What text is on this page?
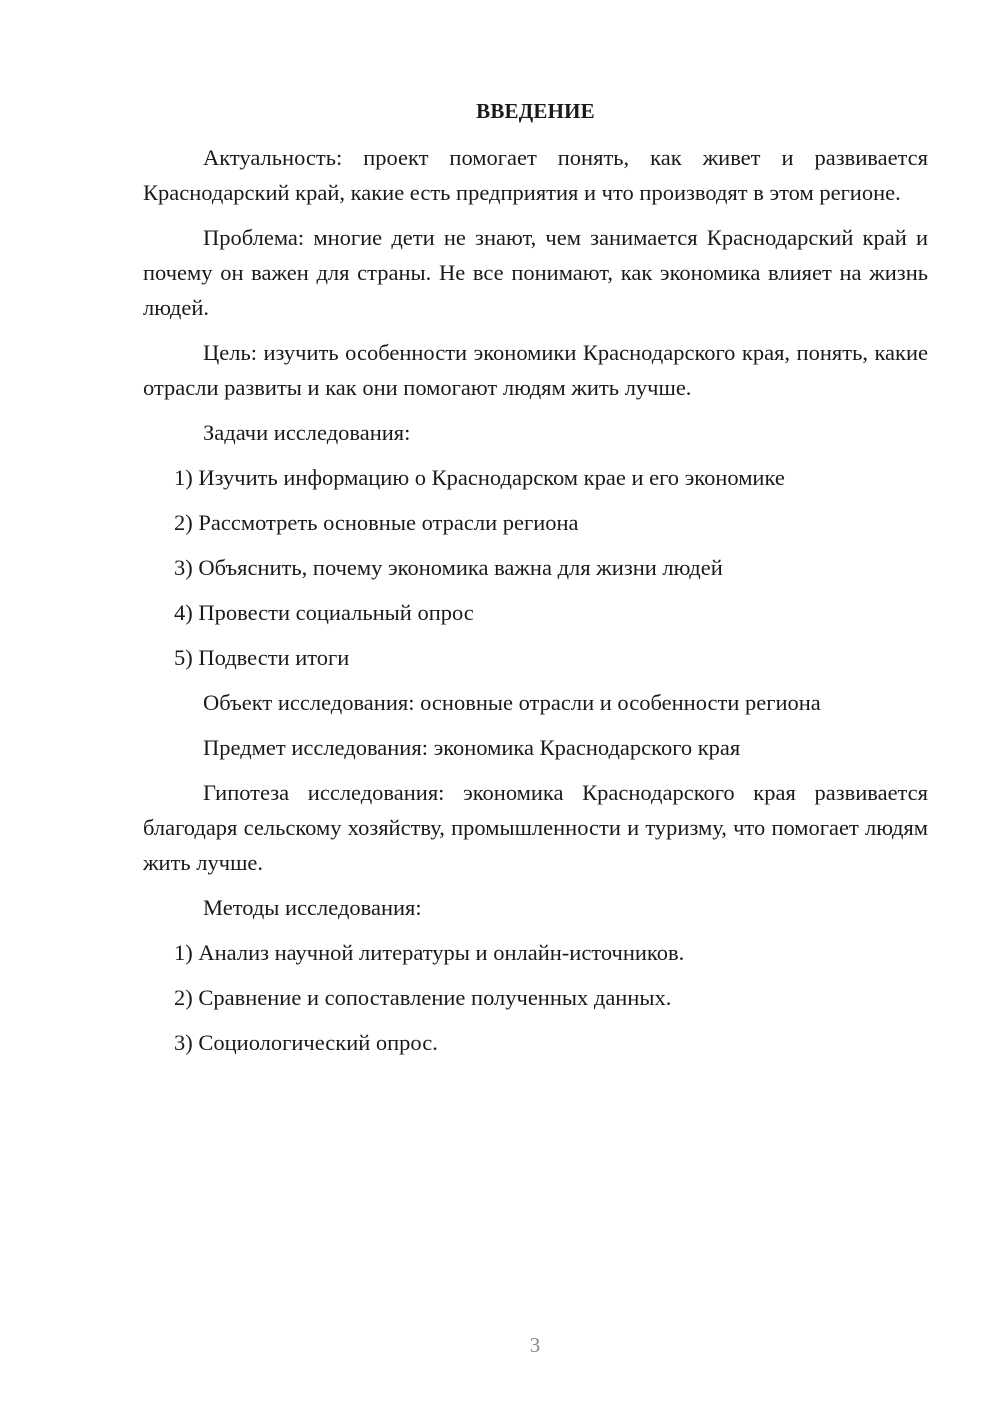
ВВЕДЕНИЕ

Актуальность: проект помогает понять, как живет и развивается Краснодарский край, какие есть предприятия и что производят в этом регионе.

Проблема: многие дети не знают, чем занимается Краснодарский край и почему он важен для страны. Не все понимают, как экономика влияет на жизнь людей.

Цель: изучить особенности экономики Краснодарского края, понять, какие отрасли развиты и как они помогают людям жить лучше.

Задачи исследования:
1) Изучить информацию о Краснодарском крае и его экономике
2) Рассмотреть основные отрасли региона
3) Объяснить, почему экономика важна для жизни людей
4) Провести социальный опрос
5) Подвести итоги
Объект исследования: основные отрасли и особенности региона
Предмет исследования: экономика Краснодарского края

Гипотеза исследования: экономика Краснодарского края развивается благодаря сельскому хозяйству, промышленности и туризму, что помогает людям жить лучше.

Методы исследования:
1) Анализ научной литературы и онлайн-источников.
2) Сравнение и сопоставление полученных данных.
3) Социологический опрос.
3
